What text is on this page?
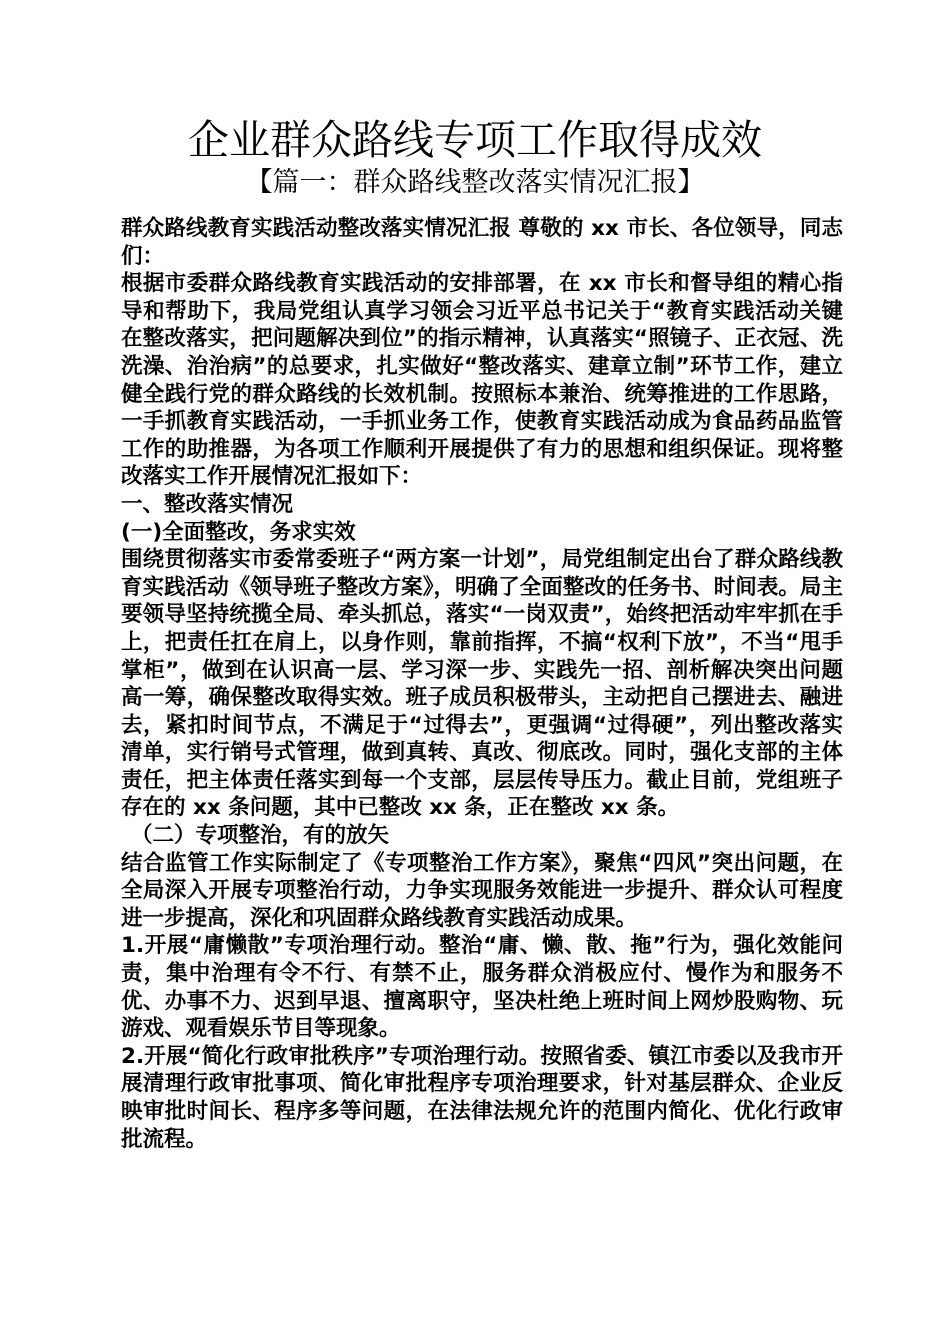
企业群众路线专项工作取得成效
【篇一：群众路线整改落实情况汇报】

群众路线教育实践活动整改落实情况汇报 尊敬的 xx 市长、各位领导，同志们：

根据市委群众路线教育实践活动的安排部署，在 xx 市长和督导组的精心指导和帮助下，我局党组认真学习领会习近平总书记关于“教育实践活动关键在整改落实，把问题解决到位”的指示精神，认真落实“照镜子、正衣冠、洗洗澡、治治病”的总要求，扎实做好“整改落实、建章立制”环节工作，建立健全践行党的群众路线的长效机制。按照标本兼治、统筹推进的工作思路，一手抓教育实践活动，一手抓业务工作，使教育实践活动成为食品药品监管工作的助推器，为各项工作顺利开展提供了有力的思想和组织保证。现将整改落实工作开展情况汇报如下：

一、整改落实情况

(一)全面整改，务求实效

围绕贯彻落实市委常委班子“两方案一计划”，局党组制定出台了群众路线教育实践活动《领导班子整改方案》，明确了全面整改的任务书、时间表。局主要领导坚持统揽全局、牵头抓总，落实“一岗双责”，始终把活动牢牢抓在手上，把责任扛在肩上，以身作则，靠前指挥，不搞“权利下放”，不当“甩手掌柜”，做到在认识高一层、学习深一步、实践先一招、剖析解决突出问题高一筹，确保整改取得实效。班子成员积极带头，主动把自己摆进去、融进去，紧扣时间节点，不满足于“过得去”，更强调“过得硬”，列出整改落实清单，实行销号式管理，做到真转、真改、彻底改。同时，强化支部的主体责任，把主体责任落实到每一个支部，层层传导压力。截止目前，党组班子存在的 xx 条问题，其中已整改 xx 条，正在整改 xx 条。

（二）专项整治，有的放矢

结合监管工作实际制定了《专项整治工作方案》，聚焦“四风”突出问题，在全局深入开展专项整治行动，力争实现服务效能进一步提升、群众认可程度进一步提高，深化和巩固群众路线教育实践活动成果。

1.开展“庸懒散”专项治理行动。整治“庸、懒、散、拖”行为，强化效能问责，集中治理有令不行、有禁不止，服务群众消极应付、慢作为和服务不优、办事不力、迟到早退、擅离职守，坚决杜绝上班时间上网炒股购物、玩游戏、观看娱乐节目等现象。

2.开展“简化行政审批秩序”专项治理行动。按照省委、镇江市委以及我市开展清理行政审批事项、简化审批程序专项治理要求，针对基层群众、企业反映审批时间长、程序多等问题，在法律法规允许的范围内简化、优化行政审批流程。
